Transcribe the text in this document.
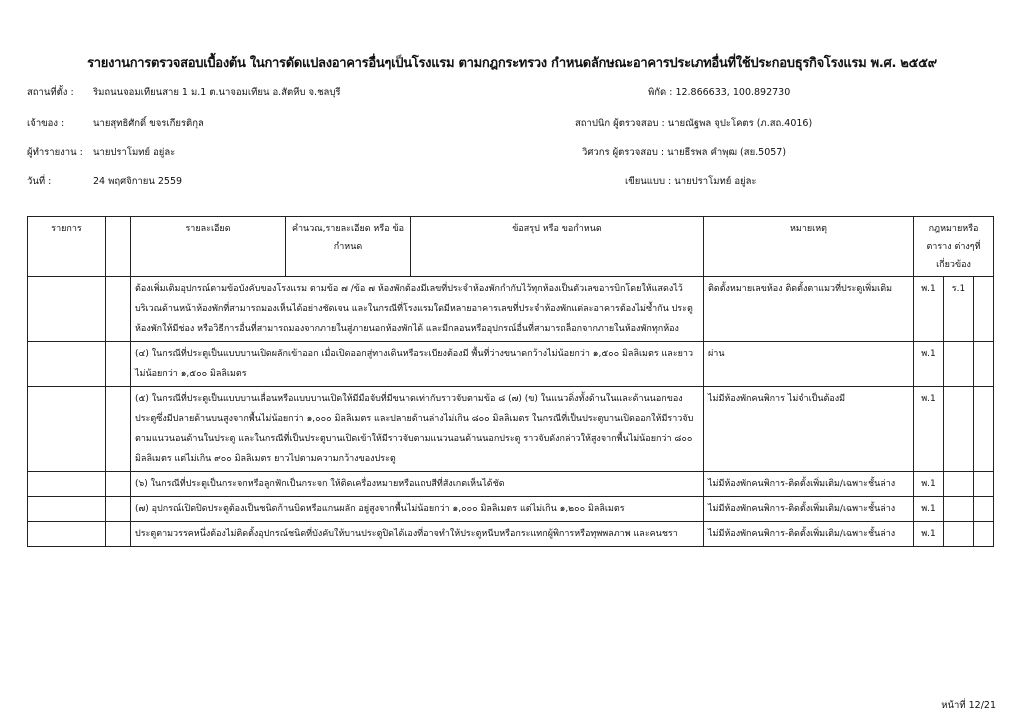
รายงานการตรวจสอบเบื้องต้น ในการดัดแปลงอาคารอื่นๆเป็นโรงแรม ตามกฎกระทรวง กำหนดลักษณะอาคารประเภทอื่นที่ใช้ประกอบธุรกิจโรงแรม พ.ศ. ๒๕๕๙
สถานที่ตั้ง : ริมถนนจอมเทียนสาย 1 ม.1 ต.นาจอมเทียน อ.สัตหีบ จ.ชลบุรี
เจ้าของ :	นายสุทธิศักดิ์ ขจรเกียรติกุล
ผู้ทำรายงาน : นายปราโมทย์ อยู่ละ
วันที่ :	24 พฤศจิกายน 2559
พิกัด : 12.866633, 100.892730
สถาปนิก ผู้ตรวจสอบ : นายณัฐพล จุปะโคตร (ภ.สถ.4016)
วิศวกร ผู้ตรวจสอบ : นายธีรพล คำพุฒ (สย.5057)
เขียนแบบ : นายปราโมทย์ อยู่ละ
รายการ		รายละเอียด	คำนวณ,รายละเอียด หรือ ข้อกำหนด	ข้อสรุป หรือ ขอกำหนด	หมายเหตุ	กฎหมายหรือตาราง ต่างๆที่เกี่ยวข้อง		
		ต้องเพิ่มเติมอุปกรณ์ตามข้อบังคับของโรงแรม ตามข้อ ๗ /ข้อ ๗ ห้องพักต้องมีเลขที่ประจำห้องพักกำกับไว้ทุกห้องเป็นตัวเลขอารบิกโดยให้แสดงไว้ บริเวณด้านหน้าห้องพักที่สามารถมองเห็นได้อย่างชัดเจน และในกรณีที่โรงแรมใดมีหลายอาคารเลขที่ประจำห้องพักแต่ละอาคารต้องไม่ซ้ำกัน ประตูห้องพักให้มีช่อง หรือวิธีการอื่นที่สามารถมองจากภายในสู่ภายนอกห้องพักได้ และมีกลอนหรืออุปกรณ์อื่นที่สามารถล็อกจากภายในห้องพักทุกห้อง			ติดตั้งหมายเลขห้อง ติดตั้งตาแมวที่ประตูเพิ่มเติม	พ.1	ร.1	
		(๔) ในกรณีที่ประตูเป็นแบบบานเปิดผลักเข้าออก เมื่อเปิดออกสู่ทางเดินหรือระเบียงต้องมี พื้นที่ว่างขนาดกว้างไม่น้อยกว่า ๑,๕๐๐ มิลลิเมตร และยาวไม่น้อยกว่า ๑,๕๐๐ มิลลิเมตร			ผ่าน	พ.1		
		(๕) ในกรณีที่ประตูเป็นแบบบานเลื่อนหรือแบบบานเปิดให้มีมือจับที่มีขนาดเท่ากับราวจับตามข้อ ๘ (๗) (ข) ในแนวดิ่งทั้งด้านในและด้านนอกของประตูซึ่งมีปลายด้านบนสูงจากพื้นไม่น้อยกว่า ๑,๐๐๐ มิลลิเมตร และปลายด้านล่างไม่เกิน ๘๐๐ มิลลิเมตร ในกรณีที่เป็นประตูบานเปิดออกให้มีราวจับตามแนวนอนด้านในประตู และในกรณีที่เป็นประตูบานเปิดเข้าให้มีราวจับตามแนวนอนด้านนอกประตู ราวจับดังกล่าวให้สูงจากพื้นไม่น้อยกว่า ๘๐๐ มิลลิเมตร แต่ไม่เกิน ๙๐๐ มิลลิเมตร ยาวไปตามความกว้างของประตู			ไม่มีห้องพักคนพิการ ไม่จำเป็นต้องมี	พ.1		
		(๖) ในกรณีที่ประตูเป็นกระจกหรือลูกฟักเป็นกระจก ให้ติดเครื่องหมายหรือแถบสีที่สังเกตเห็นได้ชัด			ไม่มีห้องพักคนพิการ-ติดตั้งเพิ่มเติม/เฉพาะชั้นล่าง	พ.1		
		(๗) อุปกรณ์เปิดปิดประตูต้องเป็นชนิดก้านบิดหรือแกนผลัก อยู่สูงจากพื้นไม่น้อยกว่า ๑,๐๐๐ มิลลิเมตร แต่ไม่เกิน ๑,๒๐๐ มิลลิเมตร			ไม่มีห้องพักคนพิการ-ติดตั้งเพิ่มเติม/เฉพาะชั้นล่าง	พ.1		
		ประตูตามวรรคหนึ่งต้องไม่ติดตั้งอุปกรณ์ชนิดที่บังคับให้บานประตูปิดได้เองที่อาจทำให้ประตูหนีบหรือกระแทกผู้พิการหรือทุพพลภาพ และคนชรา			ไม่มีห้องพักคนพิการ-ติดตั้งเพิ่มเติม/เฉพาะชั้นล่าง	พ.1		
หน้าที่ 12/21
